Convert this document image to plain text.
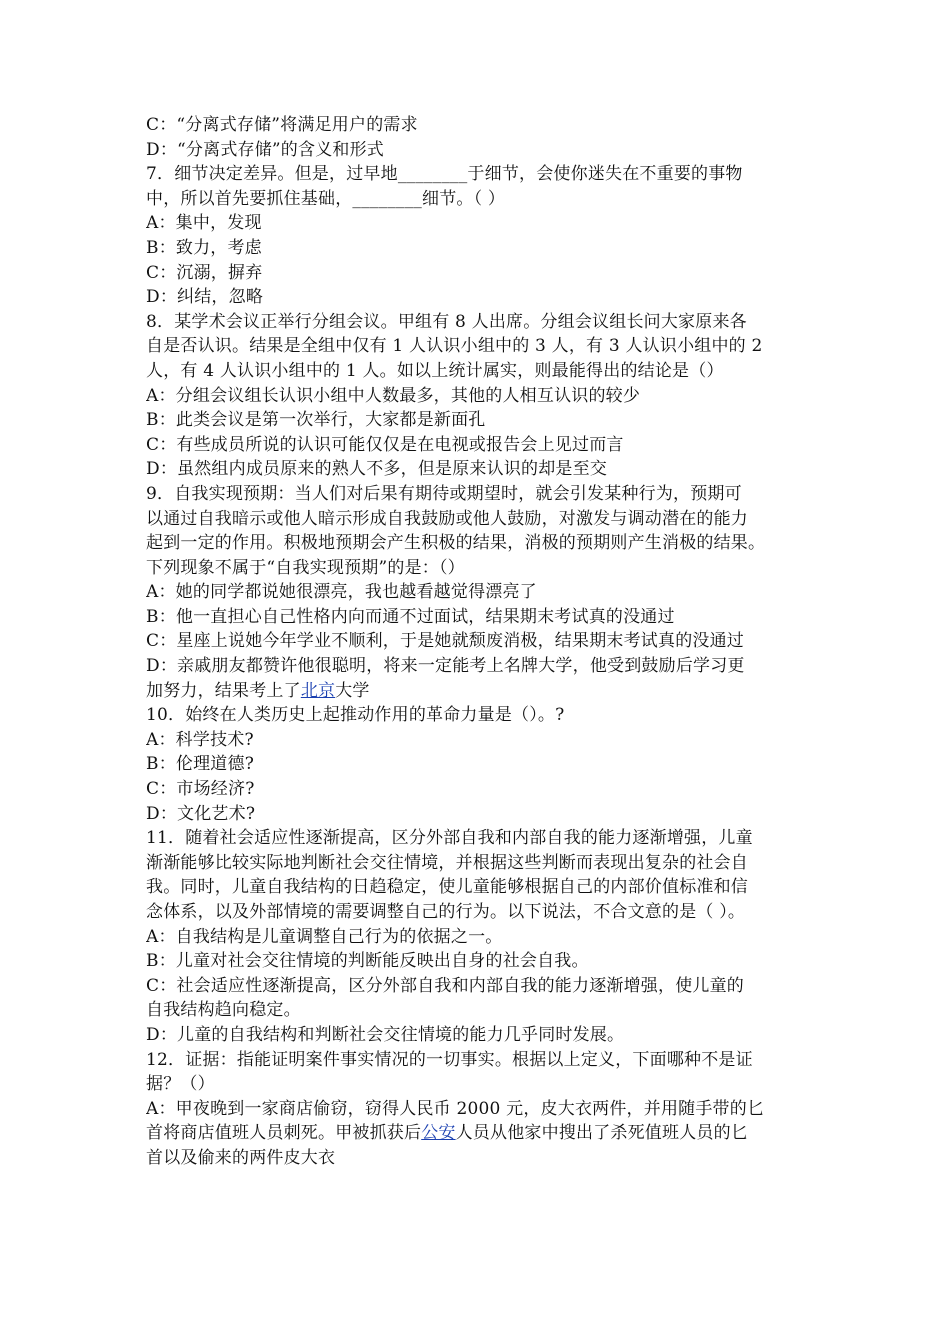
C：“分离式存储”将满足用户的需求
D：“分离式存储”的含义和形式
7．细节决定差异。但是，过早地________于细节，会使你迷失在不重要的事物
中，所以首先要抓住基础，________细节。（ ）
A：集中，发现
B：致力，考虑
C：沉溺，摒弃
D：纠结，忽略
8．某学术会议正举行分组会议。甲组有 8 人出席。分组会议组长问大家原来各
自是否认识。结果是全组中仅有 1 人认识小组中的 3 人，有 3 人认识小组中的 2
人，有 4 人认识小组中的 1 人。如以上统计属实，则最能得出的结论是（）
A：分组会议组长认识小组中人数最多，其他的人相互认识的较少
B：此类会议是第一次举行，大家都是新面孔
C：有些成员所说的认识可能仅仅是在电视或报告会上见过而言
D：虽然组内成员原来的熟人不多，但是原来认识的却是至交
9．自我实现预期：当人们对后果有期待或期望时，就会引发某种行为，预期可
以通过自我暗示或他人暗示形成自我鼓励或他人鼓励，对激发与调动潜在的能力
起到一定的作用。积极地预期会产生积极的结果，消极的预期则产生消极的结果。
下列现象不属于“自我实现预期”的是：（）
A：她的同学都说她很漂亮，我也越看越觉得漂亮了
B：他一直担心自己性格内向而通不过面试，结果期末考试真的没通过
C：星座上说她今年学业不顺利，于是她就颓废消极，结果期末考试真的没通过
D：亲戚朋友都赞许他很聪明，将来一定能考上名牌大学，他受到鼓励后学习更
加努力，结果考上了北京大学
10．始终在人类历史上起推动作用的革命力量是（）。?
A：科学技术?
B：伦理道德?
C：市场经济?
D：文化艺术?
11．随着社会适应性逐渐提高，区分外部自我和内部自我的能力逐渐增强，儿童
渐渐能够比较实际地判断社会交往情境，并根据这些判断而表现出复杂的社会自
我。同时，儿童自我结构的日趋稳定，使儿童能够根据自己的内部价值标准和信
念体系，以及外部情境的需要调整自己的行为。以下说法，不合文意的是（ ）。
A：自我结构是儿童调整自己行为的依据之一。
B：儿童对社会交往情境的判断能反映出自身的社会自我。
C：社会适应性逐渐提高，区分外部自我和内部自我的能力逐渐增强，使儿童的
自我结构趋向稳定。
D：儿童的自我结构和判断社会交往情境的能力几乎同时发展。
12．证据：指能证明案件事实情况的一切事实。根据以上定义，下面哪种不是证
据？（）
A：甲夜晚到一家商店偷窃，窃得人民币 2000 元，皮大衣两件，并用随手带的匕
首将商店值班人员刺死。甲被抓获后公安人员从他家中搜出了杀死值班人员的匕
首以及偷来的两件皮大衣
